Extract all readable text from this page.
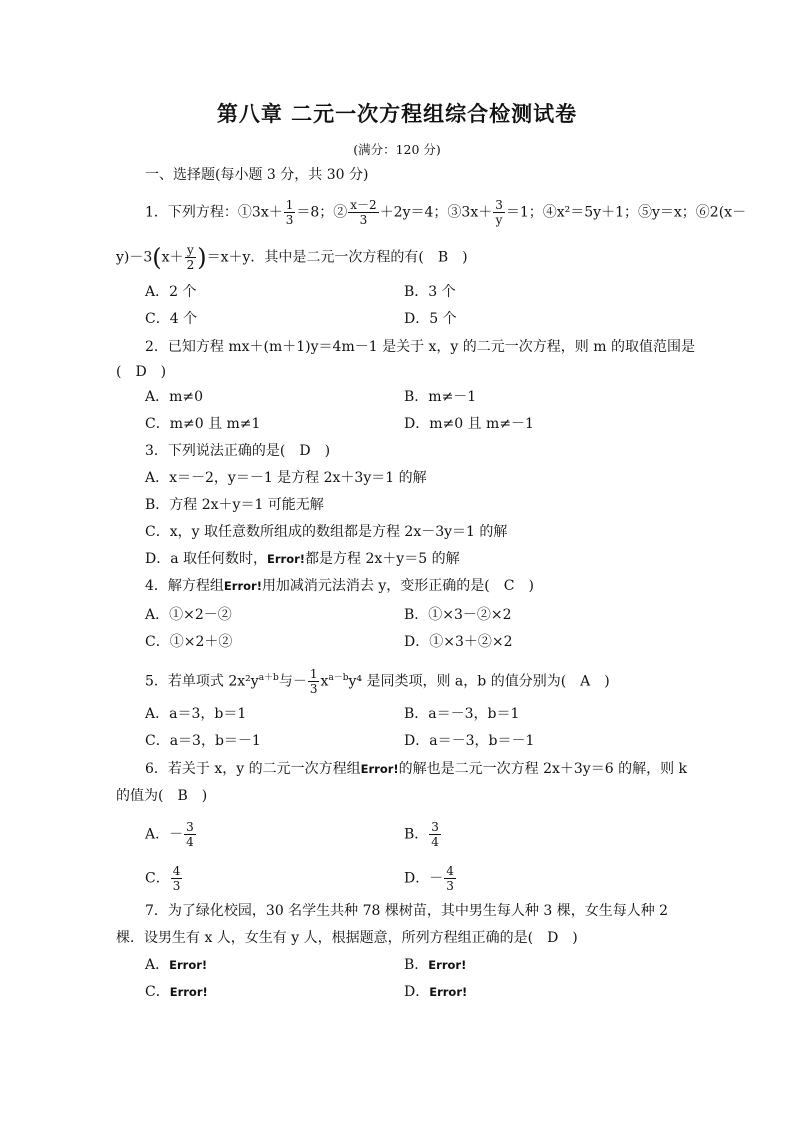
第八章 二元一次方程组综合检测试卷
(满分：120 分)
一、选择题(每小题 3 分，共 30 分)
1．下列方程：①3x＋ $\frac{1}{3} =8$；② $\frac{x-2}{3} +2y=4$；③3x＋ $\frac{3}{y} =1$；④x²＝5y＋1；⑤y＝x；⑥2(x－
$y)-3(x+ \frac{y}{2} )=x+y$．其中是二元一次方程的有(　B　)
A．2 个	B．3 个
C．4 个	D．5 个
2．已知方程 mx＋(m＋1)y＝4m－1 是关于 x，y 的二元一次方程，则 m 的取值范围是
(　D　)
A．m≠0	B．m≠－1
C．m≠0 且 m≠1	D．m≠0 且 m≠－1
3．下列说法正确的是(　D　)
A．x＝－2，y＝－1 是方程 2x＋3y＝1 的解
B．方程 2x＋y＝1 可能无解
C．x，y 取任意数所组成的数组都是方程 2x－3y＝1 的解
D．a 取任何数时，Error!都是方程 2x＋y＝5 的解
4．解方程组Error!用加减消元法消去 y，变形正确的是(　C　)
A．①×2－②	B．①×3－②×2
C．①×2＋②	D．①×3＋②×2
5．若单项式 $2x^2y^{a+b}$与－ $\frac{1}{3} x^{a-b}y^4$ 是同类项，则 a，b 的值分别为(　A　)
A．a＝3，b＝1	B．a＝－3，b＝1
C．a＝3，b＝－1	D．a＝－3，b＝－1
6．若关于 x，y 的二元一次方程组Error!的解也是二元一次方程 2x＋3y＝6 的解，则 k
的值为(　B　)
A．－ $\frac{3}{4}$	B． $\frac{3}{4}$
C． $\frac{4}{3}$	D．－ $\frac{4}{3}$
7．为了绿化校园，30 名学生共种 78 棵树苗，其中男生每人种 3 棵，女生每人种 2
棵．设男生有 x 人，女生有 y 人，根据题意，所列方程组正确的是(　D　)
A．Error!	B．Error!
C．Error!	D．Error!
